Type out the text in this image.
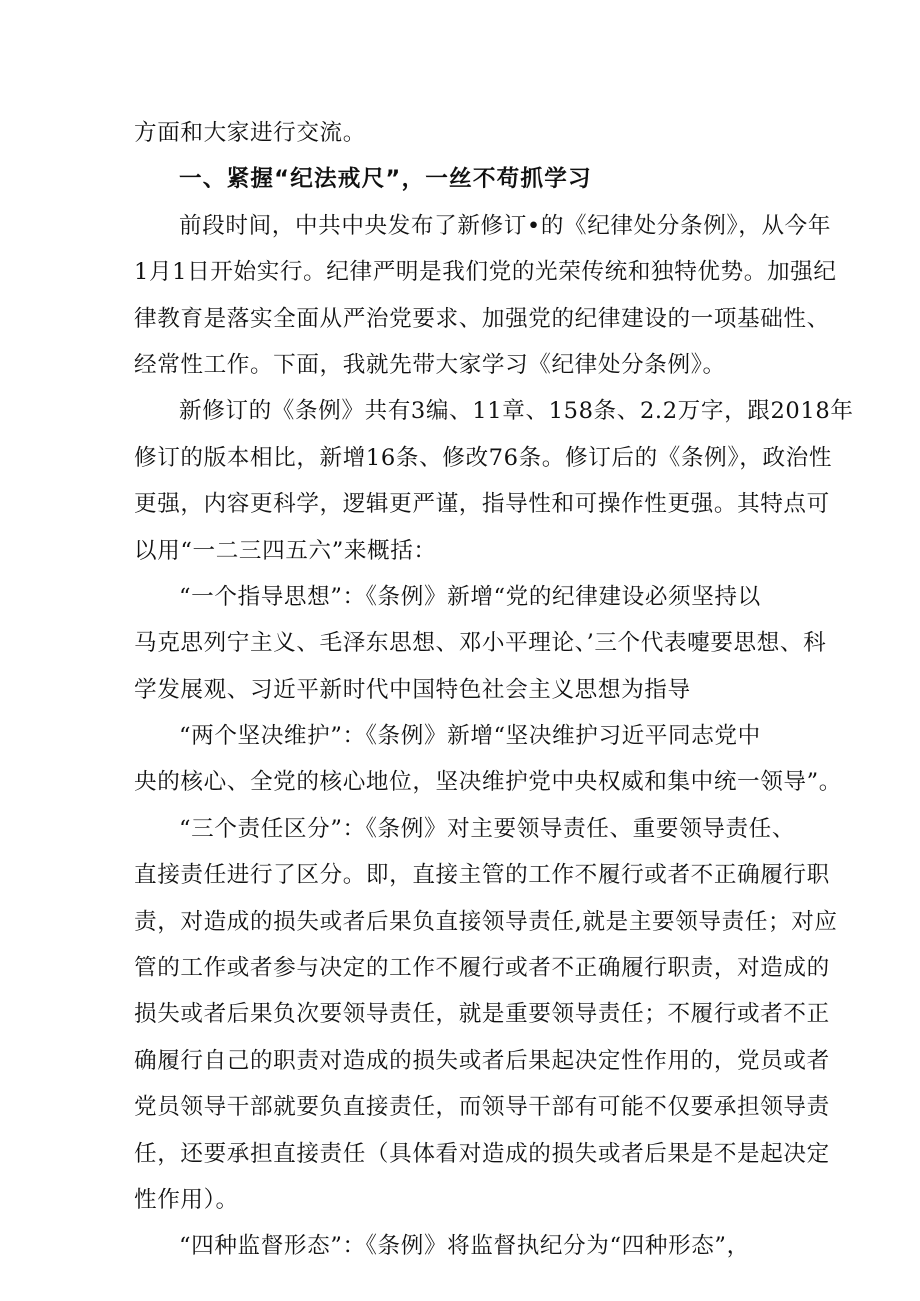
方面和大家进行交流。
一、紧握“纪法戒尺”，一丝不苟抓学习
前段时间，中共中央发布了新修订•的《纪律处分条例》，从今年
1月1日开始实行。纪律严明是我们党的光荣传统和独特优势。加强纪
律教育是落实全面从严治党要求、加强党的纪律建设的一项基础性、
经常性工作。下面，我就先带大家学习《纪律处分条例》。
新修订的《条例》共有3编、11章、158条、2.2万字，跟2018年
修订的版本相比，新增16条、修改76条。修订后的《条例》，政治性
更强，内容更科学，逻辑更严谨，指导性和可操作性更强。其特点可
以用“一二三四五六”来概括：
“一个指导思想”：《条例》新增“党的纪律建设必须坚持以
马克思列宁主义、毛泽东思想、邓小平理论、’三个代表嚏要思想、科
学发展观、习近平新时代中国特色社会主义思想为指导
“两个坚决维护”：《条例》新增“坚决维护习近平同志党中
央的核心、全党的核心地位，坚决维护党中央权威和集中统一领导”。
“三个责任区分”：《条例》对主要领导责任、重要领导责任、
直接责任进行了区分。即，直接主管的工作不履行或者不正确履行职
责，对造成的损失或者后果负直接领导责任,就是主要领导责任；对应
管的工作或者参与决定的工作不履行或者不正确履行职责，对造成的
损失或者后果负次要领导责任，就是重要领导责任；不履行或者不正
确履行自己的职责对造成的损失或者后果起决定性作用的，党员或者
党员领导干部就要负直接责任，而领导干部有可能不仅要承担领导责
任，还要承担直接责任（具体看对造成的损失或者后果是不是起决定
性作用）。
“四种监督形态”：《条例》将监督执纪分为“四种形态”，
